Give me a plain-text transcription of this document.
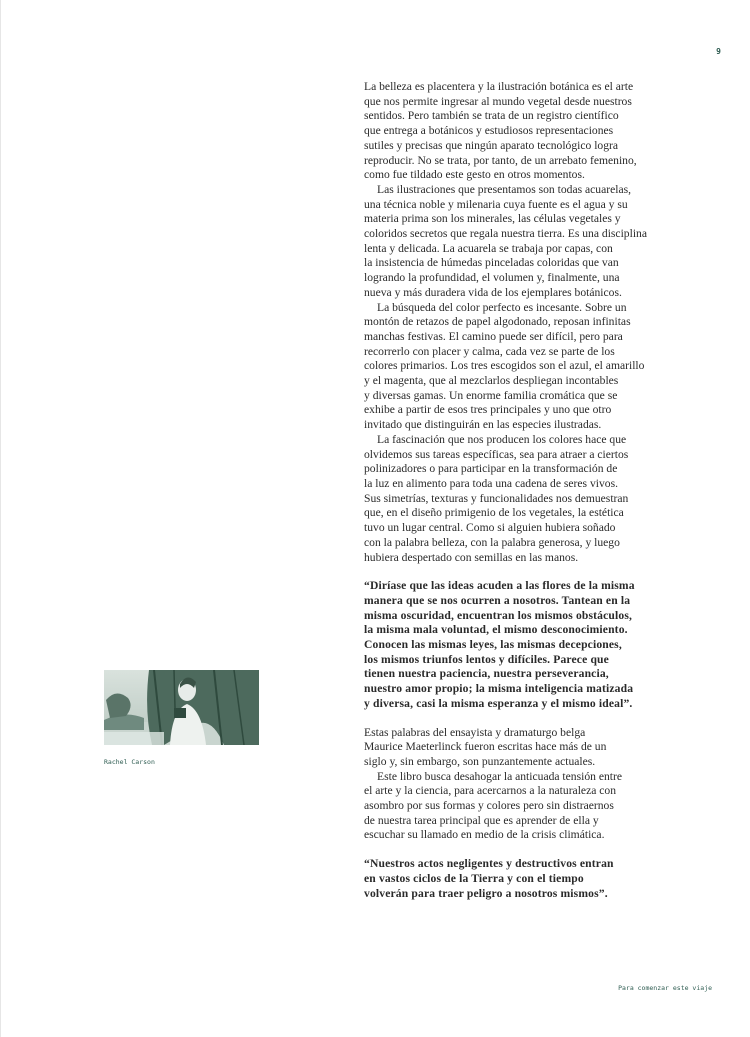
9

La belleza es placentera y la ilustración botánica es el arte
que nos permite ingresar al mundo vegetal desde nuestros
sentidos. Pero también se trata de un registro científico
que entrega a botánicos y estudiosos representaciones
sutiles y precisas que ningún aparato tecnológico logra
reproducir. No se trata, por tanto, de un arrebato femenino,
como fue tildado este gesto en otros momentos.

Las ilustraciones que presentamos son todas acuarelas,
una técnica noble y milenaria cuya fuente es el agua y su
materia prima son los minerales, las células vegetales y
coloridos secretos que regala nuestra tierra. Es una disciplina
lenta y delicada. La acuarela se trabaja por capas, con
la insistencia de húmedas pinceladas coloridas que van
logrando la profundidad, el volumen y, finalmente, una
nueva y más duradera vida de los ejemplares botánicos.

La búsqueda del color perfecto es incesante. Sobre un
montón de retazos de papel algodonado, reposan infinitas
manchas festivas. El camino puede ser difícil, pero para
recorrerlo con placer y calma, cada vez se parte de los
colores primarios. Los tres escogidos son el azul, el amarillo
y el magenta, que al mezclarlos despliegan incontables
y diversas gamas. Un enorme familia cromática que se
exhibe a partir de esos tres principales y uno que otro
invitado que distinguirán en las especies ilustradas.

La fascinación que nos producen los colores hace que
olvidemos sus tareas específicas, sea para atraer a ciertos
polinizadores o para participar en la transformación de
la luz en alimento para toda una cadena de seres vivos.
Sus simetrías, texturas y funcionalidades nos demuestran
que, en el diseño primigenio de los vegetales, la estética
tuvo un lugar central. Como si alguien hubiera soñado
con la palabra belleza, con la palabra generosa, y luego
hubiera despertado con semillas en las manos.

“Diríase que las ideas acuden a las flores de la misma
manera que se nos ocurren a nosotros. Tantean en la
misma oscuridad, encuentran los mismos obstáculos,
la misma mala voluntad, el mismo desconocimiento.
Conocen las mismas leyes, las mismas decepciones,
los mismos triunfos lentos y difíciles. Parece que
tienen nuestra paciencia, nuestra perseverancia,
nuestro amor propio; la misma inteligencia matizada
y diversa, casi la misma esperanza y el mismo ideal”.

Estas palabras del ensayista y dramaturgo belga
Maurice Maeterlinck fueron escritas hace más de un
siglo y, sin embargo, son punzantemente actuales.

Este libro busca desahogar la anticuada tensión entre
el arte y la ciencia, para acercarnos a la naturaleza con
asombro por sus formas y colores pero sin distraernos
de nuestra tarea principal que es aprender de ella y
escuchar su llamado en medio de la crisis climática.

“Nuestros actos negligentes y destructivos entran
en vastos ciclos de la Tierra y con el tiempo
volverán para traer peligro a nosotros mismos”.

Rachel Carson
Para comenzar este viaje
